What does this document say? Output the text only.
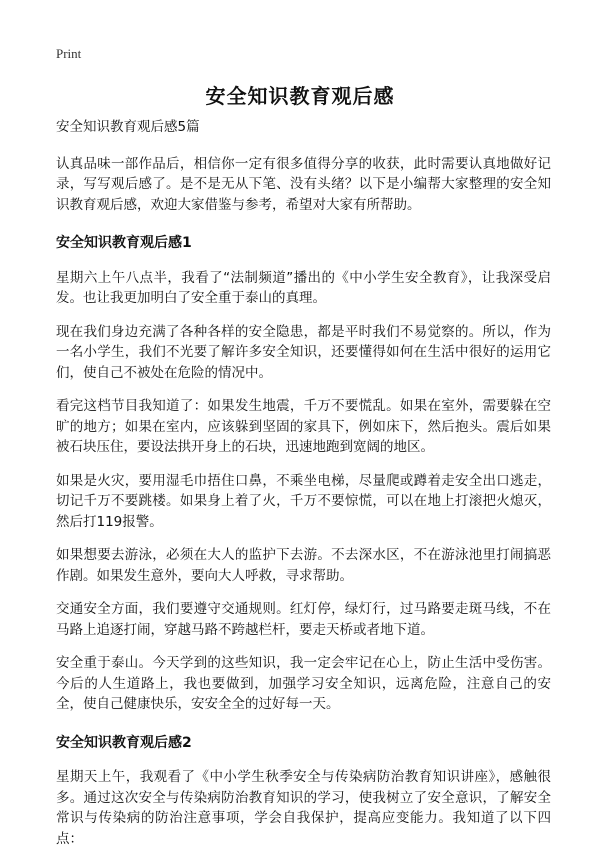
Print
安全知识教育观后感

安全知识教育观后感5篇

认真品味一部作品后，相信你一定有很多值得分享的收获，此时需要认真地做好记录，写写观后感了。是不是无从下笔、没有头绪？以下是小编帮大家整理的安全知识教育观后感，欢迎大家借鉴与参考，希望对大家有所帮助。

安全知识教育观后感1

星期六上午八点半，我看了“法制频道”播出的《中小学生安全教育》，让我深受启发。也让我更加明白了安全重于泰山的真理。

现在我们身边充满了各种各样的安全隐患，都是平时我们不易觉察的。所以，作为一名小学生，我们不光要了解许多安全知识，还要懂得如何在生活中很好的运用它们，使自己不被处在危险的情况中。

看完这档节目我知道了：如果发生地震，千万不要慌乱。如果在室外，需要躲在空旷的地方；如果在室内，应该躲到坚固的家具下，例如床下，然后抱头。震后如果被石块压住，要设法拱开身上的石块，迅速地跑到宽阔的地区。

如果是火灾，要用湿毛巾捂住口鼻，不乘坐电梯，尽量爬或蹲着走安全出口逃走，切记千万不要跳楼。如果身上着了火，千万不要惊慌，可以在地上打滚把火熄灭，然后打119报警。

如果想要去游泳，必须在大人的监护下去游。不去深水区，不在游泳池里打闹搞恶作剧。如果发生意外，要向大人呼救，寻求帮助。

交通安全方面，我们要遵守交通规则。红灯停，绿灯行，过马路要走斑马线，不在马路上追逐打闹，穿越马路不跨越栏杆，要走天桥或者地下道。

安全重于泰山。今天学到的这些知识，我一定会牢记在心上，防止生活中受伤害。今后的人生道路上，我也要做到，加强学习安全知识，远离危险，注意自己的安全，使自己健康快乐，安安全全的过好每一天。

安全知识教育观后感2

星期天上午，我观看了《中小学生秋季安全与传染病防治教育知识讲座》，感触很多。通过这次安全与传染病防治教育知识的学习，使我树立了安全意识，了解安全常识与传染病的防治注意事项，学会自我保护，提高应变能力。我知道了以下四点：
